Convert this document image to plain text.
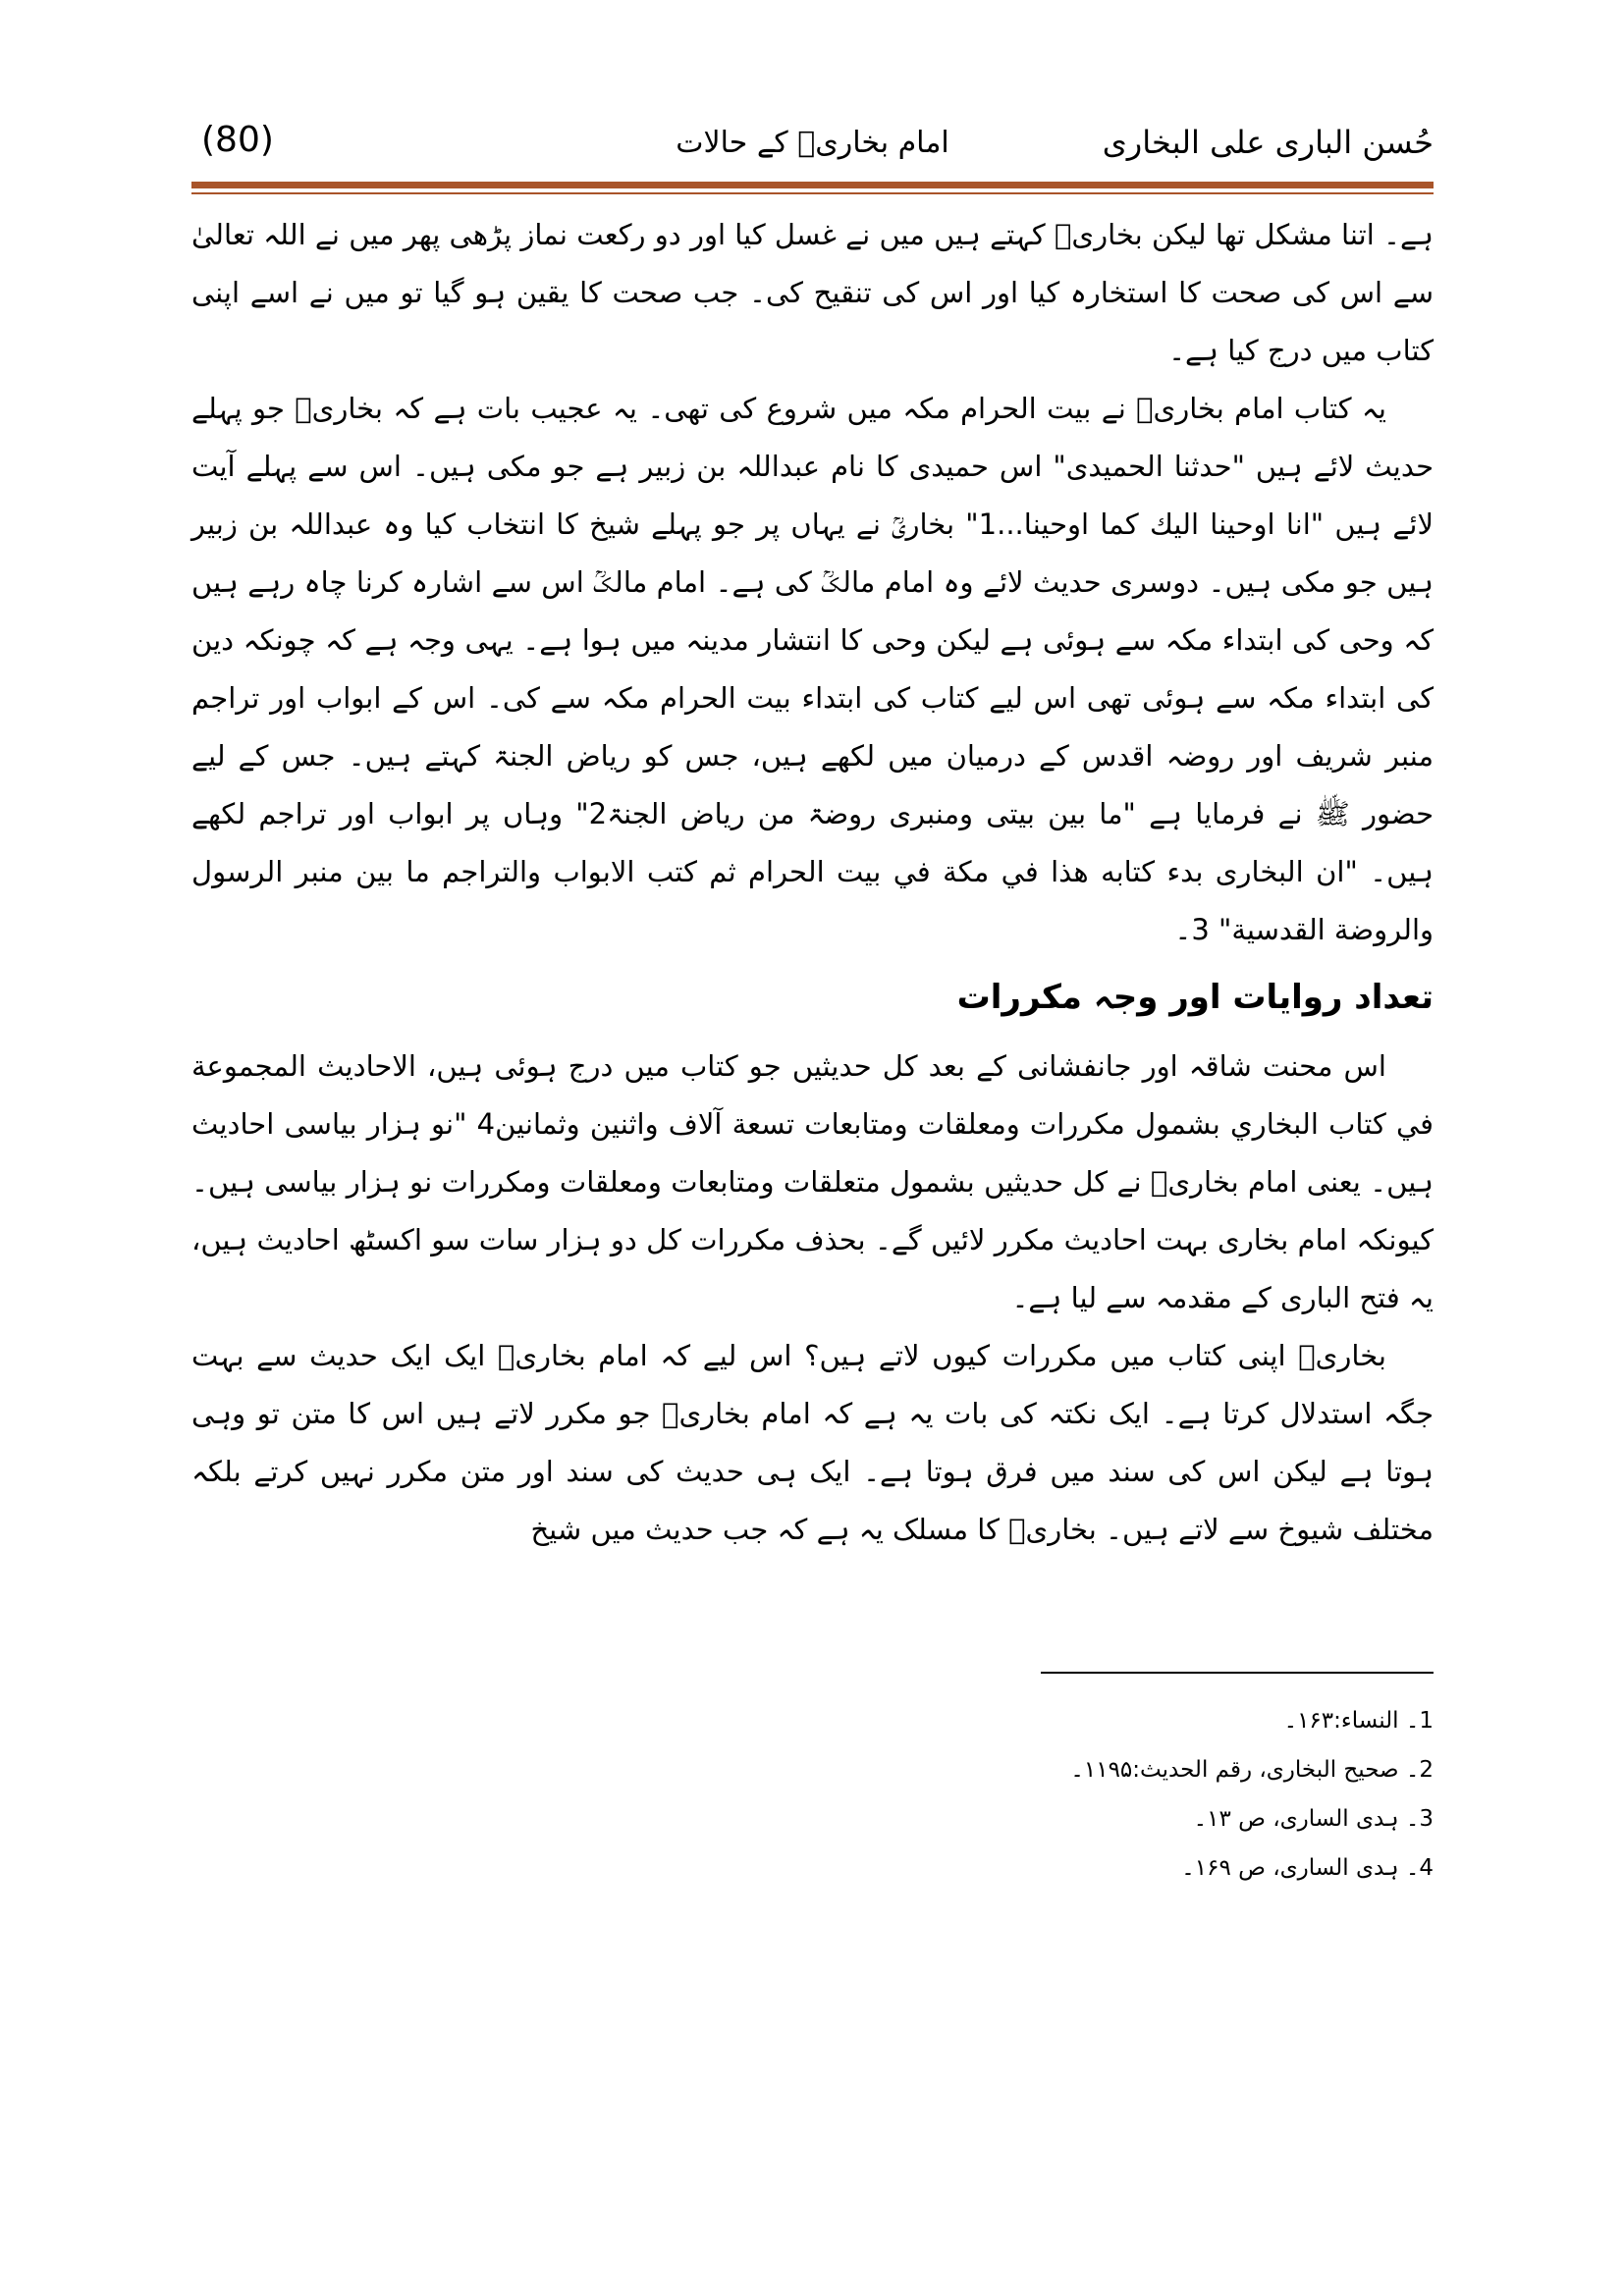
حُسن الباری علی البخاری
امام بخاریؒ کے حالات
(80)

ہے۔ اتنا مشکل تھا لیکن بخاریؒ کہتے ہیں میں نے غسل کیا اور دو رکعت نماز پڑھی پھر میں نے اللہ تعالیٰ سے اس کی صحت کا استخارہ کیا اور اس کی تنقیح کی۔ جب صحت کا یقین ہو گیا تو میں نے اسے اپنی کتاب میں درج کیا ہے۔

یہ کتاب امام بخاریؒ نے بیت الحرام مکہ میں شروع کی تھی۔ یہ عجیب بات ہے کہ بخاریؒ جو پہلے حدیث لائے ہیں "حدثنا الحمیدی" اس حمیدی کا نام عبداللہ بن زبیر ہے جو مکی ہیں۔ اس سے پہلے آیت لائے ہیں "انا اوحینا الیك كما اوحینا...1" بخاریؒ نے یہاں پر جو پہلے شیخ کا انتخاب کیا وہ عبداللہ بن زبیر ہیں جو مکی ہیں۔ دوسری حدیث لائے وہ امام مالکؒ کی ہے۔ امام مالکؒ اس سے اشارہ کرنا چاہ رہے ہیں کہ وحی کی ابتداء مکہ سے ہوئی ہے لیکن وحی کا انتشار مدینہ میں ہوا ہے۔ یہی وجہ ہے کہ چونکہ دین کی ابتداء مکہ سے ہوئی تھی اس لیے کتاب کی ابتداء بیت الحرام مکہ سے کی۔ اس کے ابواب اور تراجم منبر شریف اور روضہ اقدس کے درمیان میں لکھے ہیں، جس کو ریاض الجنۃ کہتے ہیں۔ جس کے لیے حضور ﷺ نے فرمایا ہے "ما بین بیتی ومنبری روضۃ من ریاض الجنۃ2" وہاں پر ابواب اور تراجم لکھے ہیں۔ "ان البخاری بدء كتابه هذا في مكة في بيت الحرام ثم كتب الابواب والتراجم ما بين منبر الرسول والروضة القدسية" 3۔

تعداد روایات اور وجہ مکررات

اس محنت شاقہ اور جانفشانی کے بعد کل حدیثیں جو کتاب میں درج ہوئی ہیں، الاحادیث المجموعة في كتاب البخاري بشمول مكررات ومعلقات ومتابعات تسعة آلاف واثنين وثمانين4 "نو ہزار بیاسی احادیث ہیں۔ یعنی امام بخاریؒ نے کل حدیثیں بشمول متعلقات ومتابعات ومعلقات ومکررات نو ہزار بیاسی ہیں۔ کیونکہ امام بخاری بہت احادیث مکرر لائیں گے۔ بحذف مکررات کل دو ہزار سات سو اکسٹھ احادیث ہیں، یہ فتح الباری کے مقدمہ سے لیا ہے۔

بخاریؒ اپنی کتاب میں مکررات کیوں لاتے ہیں؟ اس لیے کہ امام بخاریؒ ایک ایک حدیث سے بہت جگہ استدلال کرتا ہے۔ ایک نکتہ کی بات یہ ہے کہ امام بخاریؒ جو مکرر لاتے ہیں اس کا متن تو وہی ہوتا ہے لیکن اس کی سند میں فرق ہوتا ہے۔ ایک ہی حدیث کی سند اور متن مکرر نہیں کرتے بلکہ مختلف شیوخ سے لاتے ہیں۔ بخاریؒ کا مسلک یہ ہے کہ جب حدیث میں شیخ

1۔ النساء:۱۶۳۔

2۔ صحیح البخاری، رقم الحدیث:۱۱۹۵۔

3۔ ہدی الساری، ص ۱۳۔

4۔ ہدی الساری، ص ۱۶۹۔
